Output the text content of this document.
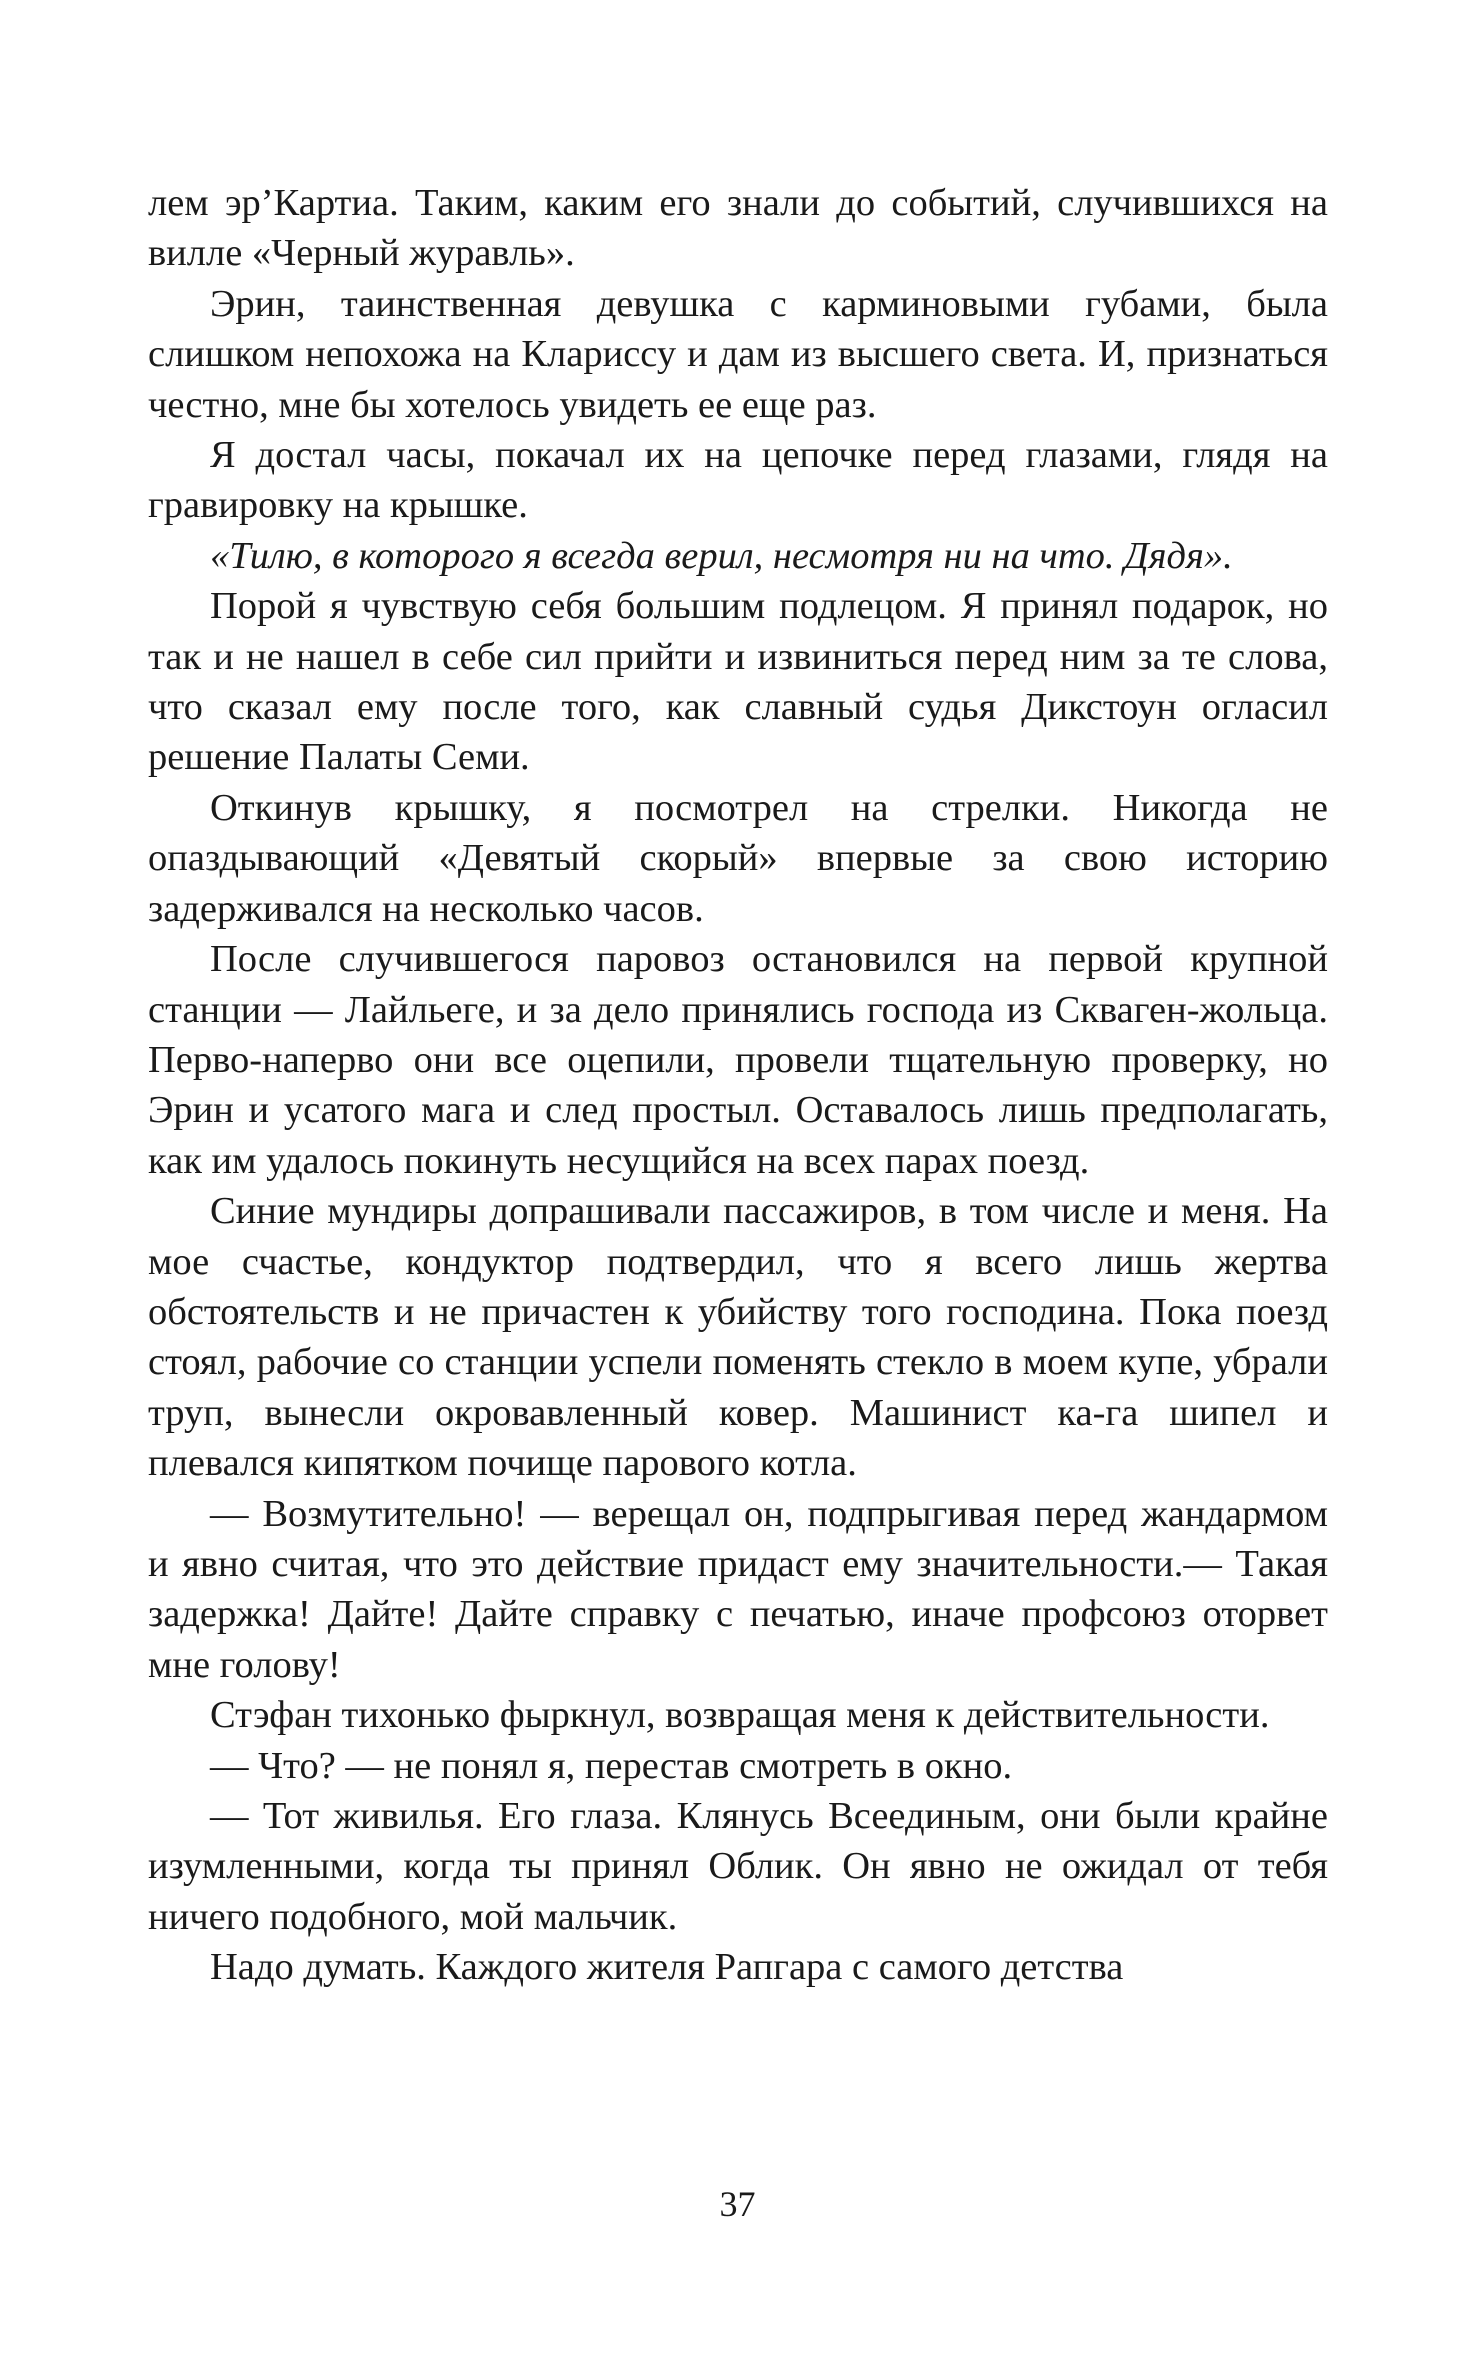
лем эр’Картиа. Таким, каким его знали до событий, случившихся на вилле «Черный журавль».

Эрин, таинственная девушка с карминовыми губами, была слишком непохожа на Клариссу и дам из высшего света. И, признаться честно, мне бы хотелось увидеть ее еще раз.

Я достал часы, покачал их на цепочке перед глазами, глядя на гравировку на крышке.

«Тилю, в которого я всегда верил, несмотря ни на что. Дядя».

Порой я чувствую себя большим подлецом. Я принял подарок, но так и не нашел в себе сил прийти и извиниться перед ним за те слова, что сказал ему после того, как славный судья Дикстоун огласил решение Палаты Семи.

Откинув крышку, я посмотрел на стрелки. Никогда не опаздывающий «Девятый скорый» впервые за свою историю задерживался на несколько часов.

После случившегося паровоз остановился на первой крупной станции — Лайльеге, и за дело принялись господа из Скваген-жольца. Перво-наперво они все оцепили, провели тщательную проверку, но Эрин и усатого мага и след простыл. Оставалось лишь предполагать, как им удалось покинуть несущийся на всех парах поезд.

Синие мундиры допрашивали пассажиров, в том числе и меня. На мое счастье, кондуктор подтвердил, что я всего лишь жертва обстоятельств и не причастен к убийству того господина. Пока поезд стоял, рабочие со станции успели поменять стекло в моем купе, убрали труп, вынесли окровавленный ковер. Машинист ка-га шипел и плевался кипятком почище парового котла.

— Возмутительно! — верещал он, подпрыгивая перед жандармом и явно считая, что это действие придаст ему значительности.— Такая задержка! Дайте! Дайте справку с печатью, иначе профсоюз оторвет мне голову!

Стэфан тихонько фыркнул, возвращая меня к действительности.

— Что? — не понял я, перестав смотреть в окно.

— Тот живилья. Его глаза. Клянусь Всеединым, они были крайне изумленными, когда ты принял Облик. Он явно не ожидал от тебя ничего подобного, мой мальчик.

Надо думать. Каждого жителя Рапгара с самого детства

37
